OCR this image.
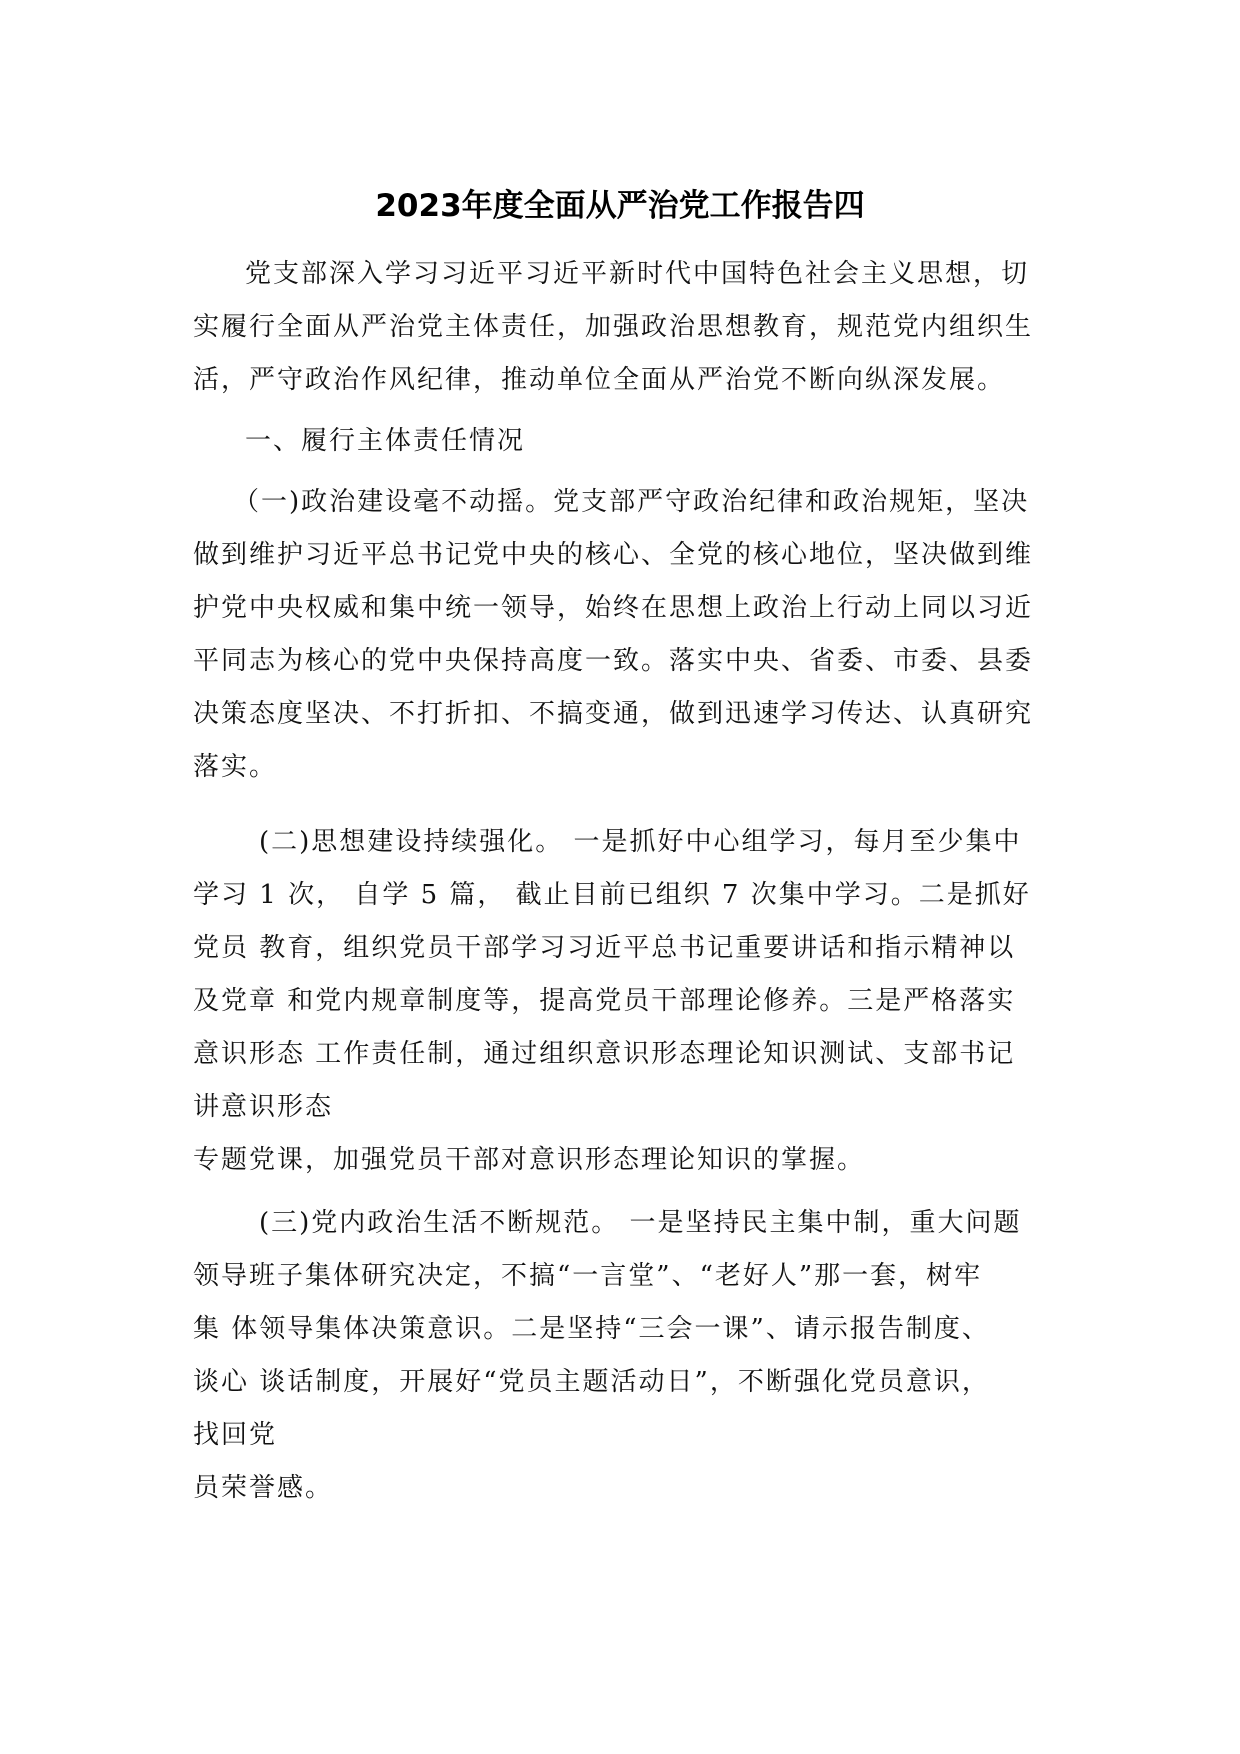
2023年度全面从严治党工作报告四

党支部深入学习习近平习近平新时代中国特色社会主义思想，切实履行全面从严治党主体责任，加强政治思想教育，规范党内组织生活，严守政治作风纪律，推动单位全面从严治党不断向纵深发展。

一、履行主体责任情况

（一)政治建设毫不动摇。党支部严守政治纪律和政治规矩，坚决做到维护习近平总书记党中央的核心、全党的核心地位，坚决做到维护党中央权威和集中统一领导，始终在思想上政治上行动上同以习近平同志为核心的党中央保持高度一致。落实中央、省委、市委、县委决策态度坚决、不打折扣、不搞变通，做到迅速学习传达、认真研究落实。

(二)思想建设持续强化。 一是抓好中心组学习，每月至少集中
学习 1 次， 自学 5 篇， 截止目前已组织 7 次集中学习。二是抓好
党员 教育，组织党员干部学习习近平总书记重要讲话和指示精神以
及党章 和党内规章制度等，提高党员干部理论修养。三是严格落实
意识形态 工作责任制，通过组织意识形态理论知识测试、支部书记
讲意识形态
专题党课，加强党员干部对意识形态理论知识的掌握。
(三)党内政治生活不断规范。 一是坚持民主集中制，重大问题
领导班子集体研究决定，不搞“一言堂”、“老好人”那一套，树牢
集 体领导集体决策意识。二是坚持“三会一课”、请示报告制度、
谈心 谈话制度，开展好“党员主题活动日”，不断强化党员意识，
找回党
员荣誉感。
